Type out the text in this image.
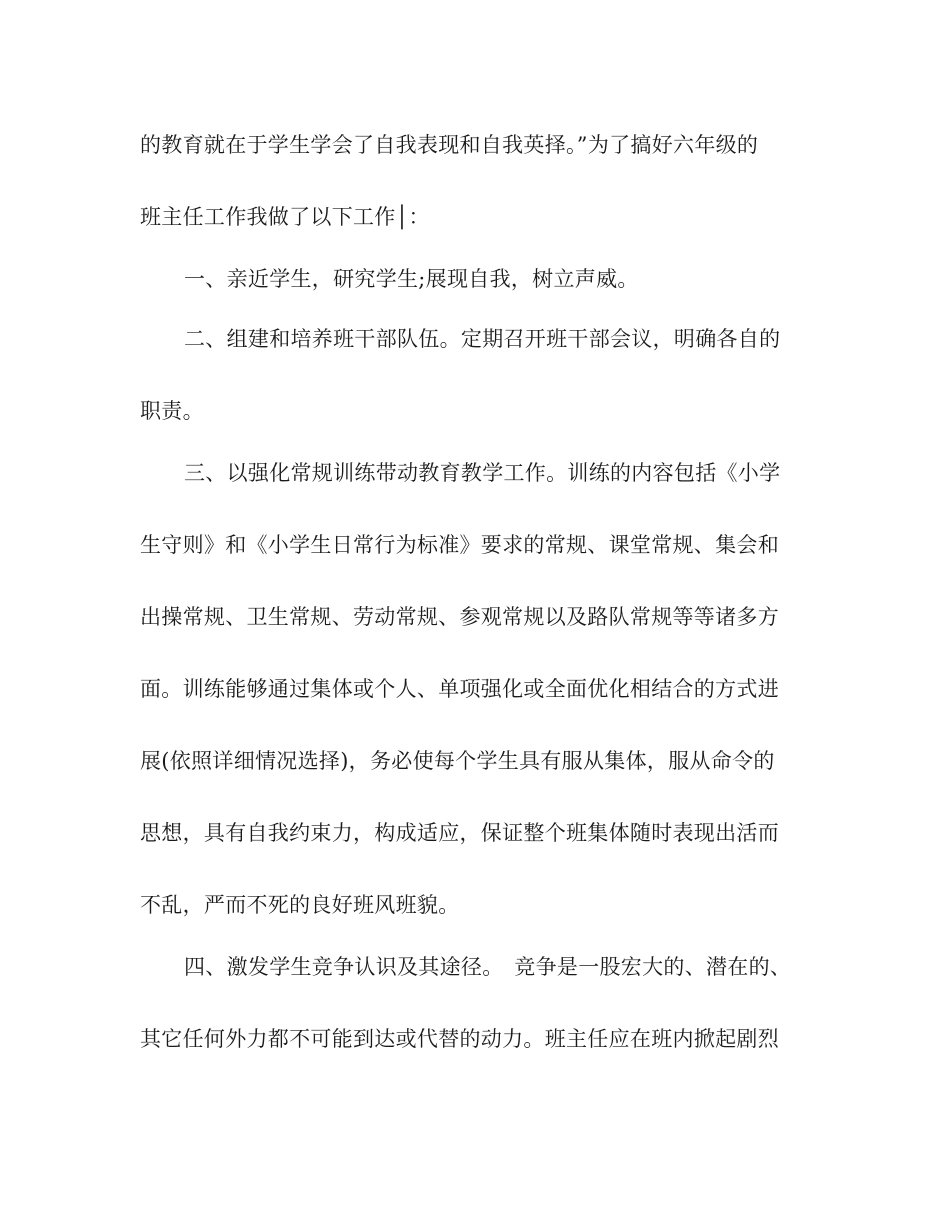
的教育就在于学生学会了自我表现和自我英择。”为了搞好六年级的
班主任工作我做了以下工作│：
一、亲近学生，研究学生;展现自我，树立声威。
二、组建和培养班干部队伍。定期召开班干部会议，明确各自的
职责。
三、以强化常规训练带动教育教学工作。训练的内容包括《小学
生守则》和《小学生日常行为标准》要求的常规、课堂常规、集会和
出操常规、卫生常规、劳动常规、参观常规以及路队常规等等诸多方
面。训练能够通过集体或个人、单项强化或全面优化相结合的方式进
展(依照详细情况选择)，务必使每个学生具有服从集体，服从命令的
思想，具有自我约束力，构成适应，保证整个班集体随时表现出活而
不乱，严而不死的良好班风班貌。
四、激发学生竞争认识及其途径。　竞争是一股宏大的、潜在的、
其它任何外力都不可能到达或代替的动力。班主任应在班内掀起剧烈
